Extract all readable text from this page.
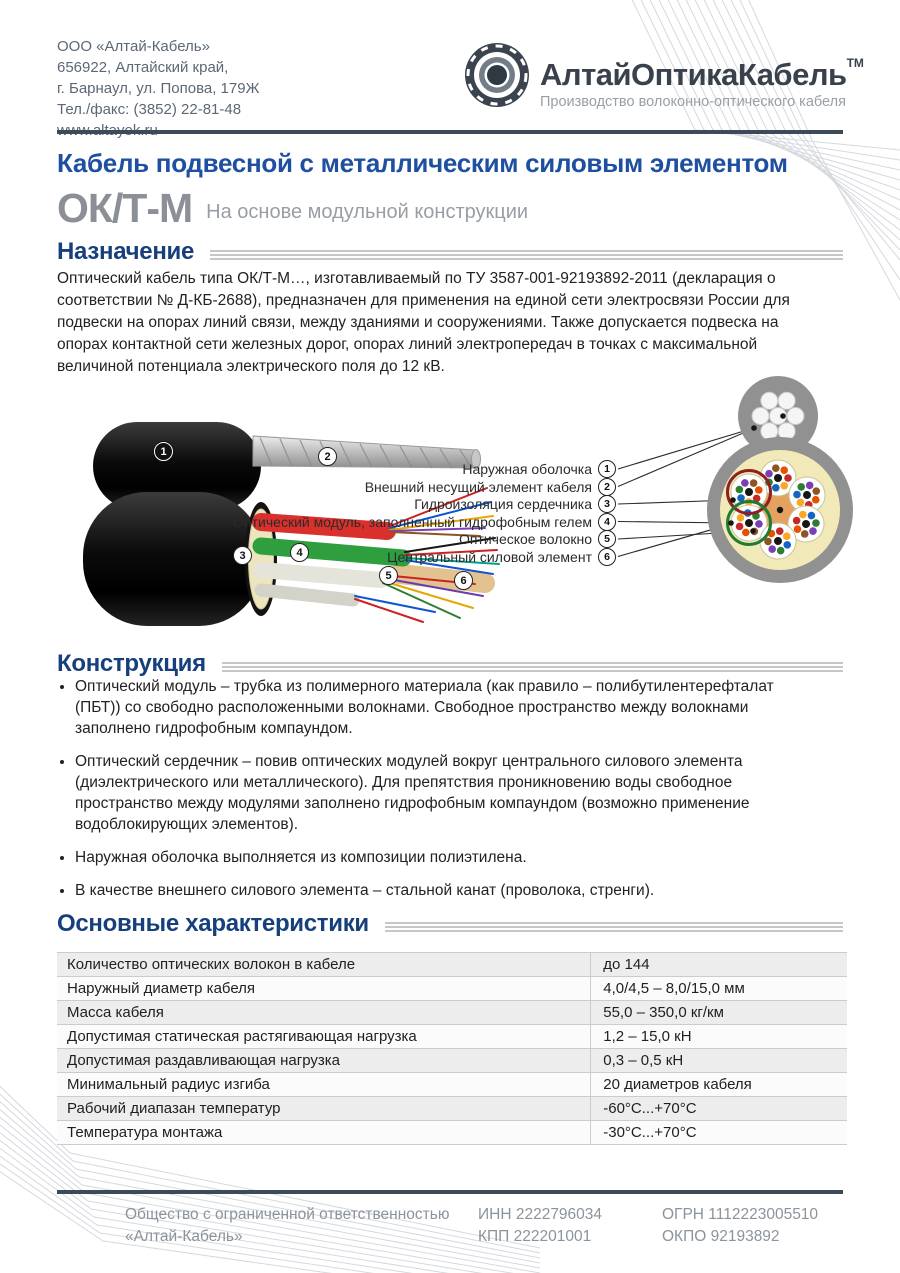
ООО «Алтай-Кабель»
656922, Алтайский край,
г. Барнаул, ул. Попова, 179Ж
Тел./факс: (3852) 22-81-48
АлтайОптикаКабель$^{ТМ}$
Производство волоконно-оптического кабеля
Кабель подвесной с металлическим силовым элементом
ОК/Т-М На основе модульной конструкции
Назначение
Оптический кабель типа ОК/Т-М…, изготавливаемый по ТУ 3587-001-92193892-2011 (декларация о соответствии № Д-КБ-2688), предназначен для применения на единой сети электросвязи России для подвески на опорах линий связи, между зданиями и сооружениями. Также допускается подвеска на опорах контактной сети железных дорог, опорах линий электропередач в точках с максимальной величиной потенциала электрического поля до 12 кВ.
1	2
3	4
5	6
Наружная оболочка	1
Внешний несущий элемент кабеля	2
Гидроизоляция сердечника	3
Оптический модуль, заполненный гидрофобным гелем	4
Оптическое волокно	5
Центральный силовой элемент	6
Конструкция
• Оптический модуль – трубка из полимерного материала (как правило – полибутилентерефталат (ПБТ)) со свободно расположенными волокнами. Свободное пространство между волокнами заполнено гидрофобным компаундом.
• Оптический сердечник – повив оптических модулей вокруг центрального силового элемента (диэлектрического или металлического). Для препятствия проникновению воды свободное пространство между модулями заполнено гидрофобным компаундом (возможно применение водоблокирующих элементов).
• Наружная оболочка выполняется из композиции полиэтилена.
• В качестве внешнего силового элемента – стальной канат (проволока, стренги).
Основные характеристики
Количество оптических волокон в кабеле	до 144
Наружный диаметр кабеля	4,0/4,5 – 8,0/15,0 мм
Масса кабеля	55,0 – 350,0 кг/км
Допустимая статическая растягивающая нагрузка	1,2 – 15,0 кН
Допустимая раздавливающая нагрузка	0,3 – 0,5 кН
Минимальный радиус изгиба	20 диаметров кабеля
Рабочий диапазан температур	-60°С...+70°С
Температура монтажа	-30°С...+70°С
Общество с ограниченной ответственностью
«Алтай-Кабель»
ИНН 2222796034
КПП 222201001
ОГРН 1112223005510
ОКПО 92193892
